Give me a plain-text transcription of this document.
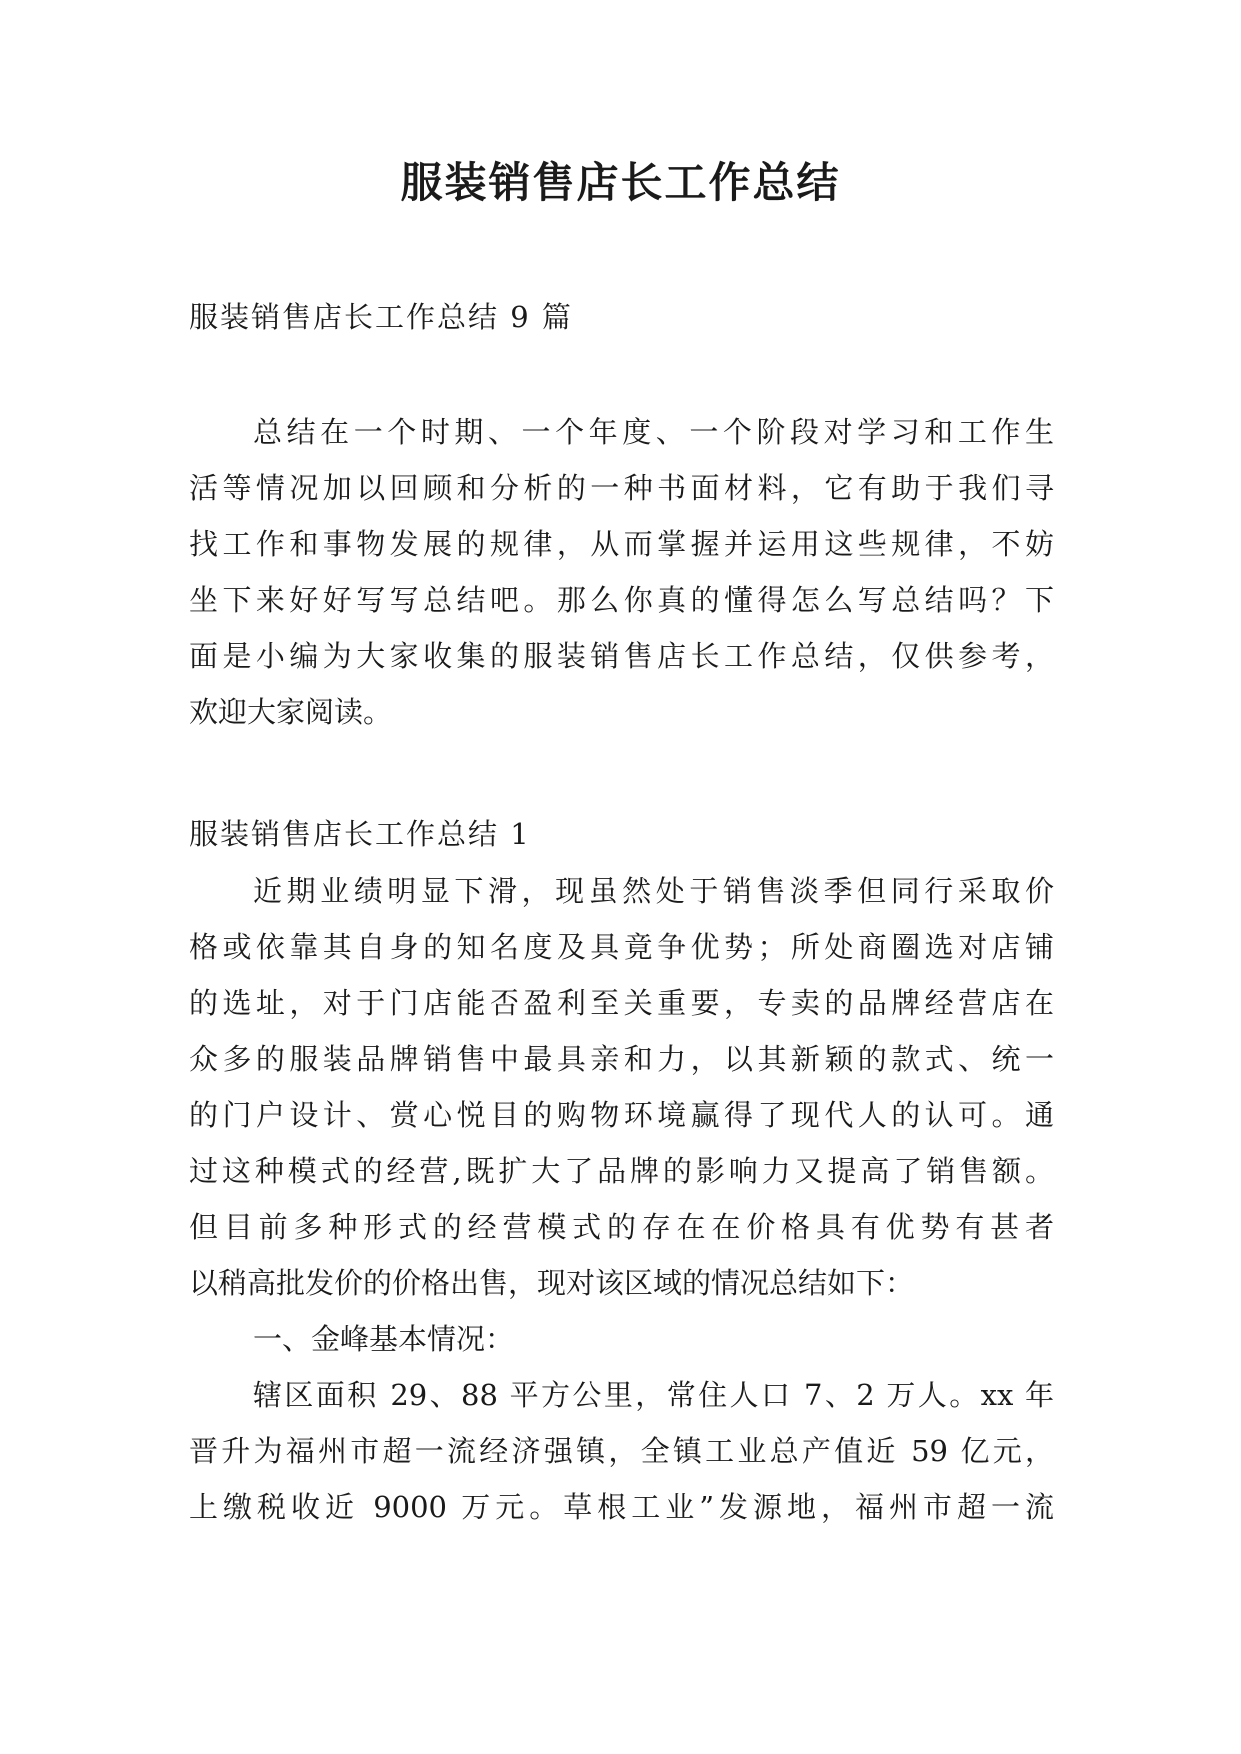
服装销售店长工作总结

服装销售店长工作总结 9 篇

总结在一个时期、一个年度、一个阶段对学习和工作生
活等情况加以回顾和分析的一种书面材料，它有助于我们寻
找工作和事物发展的规律，从而掌握并运用这些规律，不妨
坐下来好好写写总结吧。那么你真的懂得怎么写总结吗？下
面是小编为大家收集的服装销售店长工作总结，仅供参考，
欢迎大家阅读。

服装销售店长工作总结 1

近期业绩明显下滑，现虽然处于销售淡季但同行采取价
格或依靠其自身的知名度及具竟争优势；所处商圈选对店铺
的选址，对于门店能否盈利至关重要，专卖的品牌经营店在
众多的服装品牌销售中最具亲和力，以其新颖的款式、统一
的门户设计、赏心悦目的购物环境赢得了现代人的认可。通
过这种模式的经营,既扩大了品牌的影响力又提高了销售额。
但目前多种形式的经营模式的存在在价格具有优势有甚者
以稍高批发价的价格出售，现对该区域的情况总结如下：
一、金峰基本情况：
辖区面积 29、88 平方公里，常住人口 7、2 万人。xx 年
晋升为福州市超一流经济强镇，全镇工业总产值近 59 亿元，
上缴税收近 9000 万元。草根工业”发源地，福州市超一流
